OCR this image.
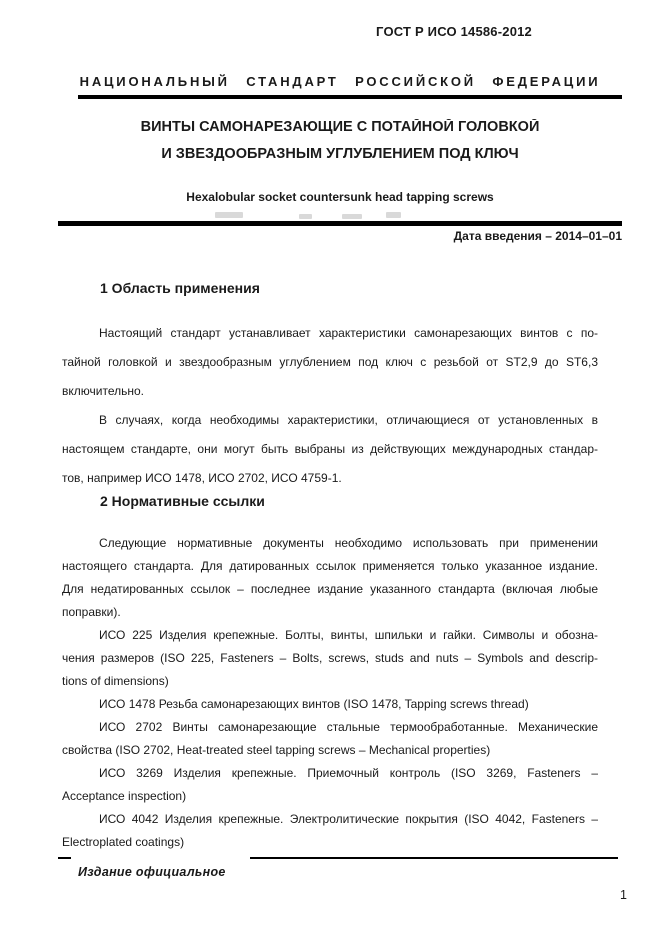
ГОСТ Р ИСО 14586-2012
НАЦИОНАЛЬНЫЙ СТАНДАРТ РОССИЙСКОЙ ФЕДЕРАЦИИ
ВИНТЫ САМОНАРЕЗАЮЩИЕ С ПОТАЙНОЙ ГОЛОВКОЙ
И ЗВЕЗДООБРАЗНЫМ УГЛУБЛЕНИЕМ ПОД КЛЮЧ
Hexalobular socket countersunk head tapping screws
Дата введения – 2014–01–01
1 Область применения
Настоящий стандарт устанавливает характеристики самонарезающих винтов с по-
тайной головкой и звездообразным углублением под ключ с резьбой от ST2,9 до ST6,3
включительно.
В случаях, когда необходимы характеристики, отличающиеся от установленных в
настоящем стандарте, они могут быть выбраны из действующих международных стандар-
тов, например ИСО 1478, ИСО 2702, ИСО 4759-1.
2 Нормативные ссылки
Следующие нормативные документы необходимо использовать при применении
настоящего стандарта. Для датированных ссылок применяется только указанное издание.
Для недатированных ссылок – последнее издание указанного стандарта (включая любые
поправки).
ИСО 225 Изделия крепежные. Болты, винты, шпильки и гайки. Символы и обозна-
чения размеров (ISO 225, Fasteners – Bolts, screws, studs and nuts – Symbols and descrip-
tions of dimensions)
ИСО 1478 Резьба самонарезающих винтов (ISO 1478, Tapping screws thread)
ИСО 2702 Винты самонарезающие стальные термообработанные. Механические
свойства (ISO 2702, Heat-treated steel tapping screws – Mechanical properties)
ИСО 3269 Изделия крепежные. Приемочный контроль (ISO 3269, Fasteners –
Acceptance inspection)
ИСО 4042 Изделия крепежные. Электролитические покрытия (ISO 4042, Fasteners –
Electroplated coatings)
Издание официальное
1
